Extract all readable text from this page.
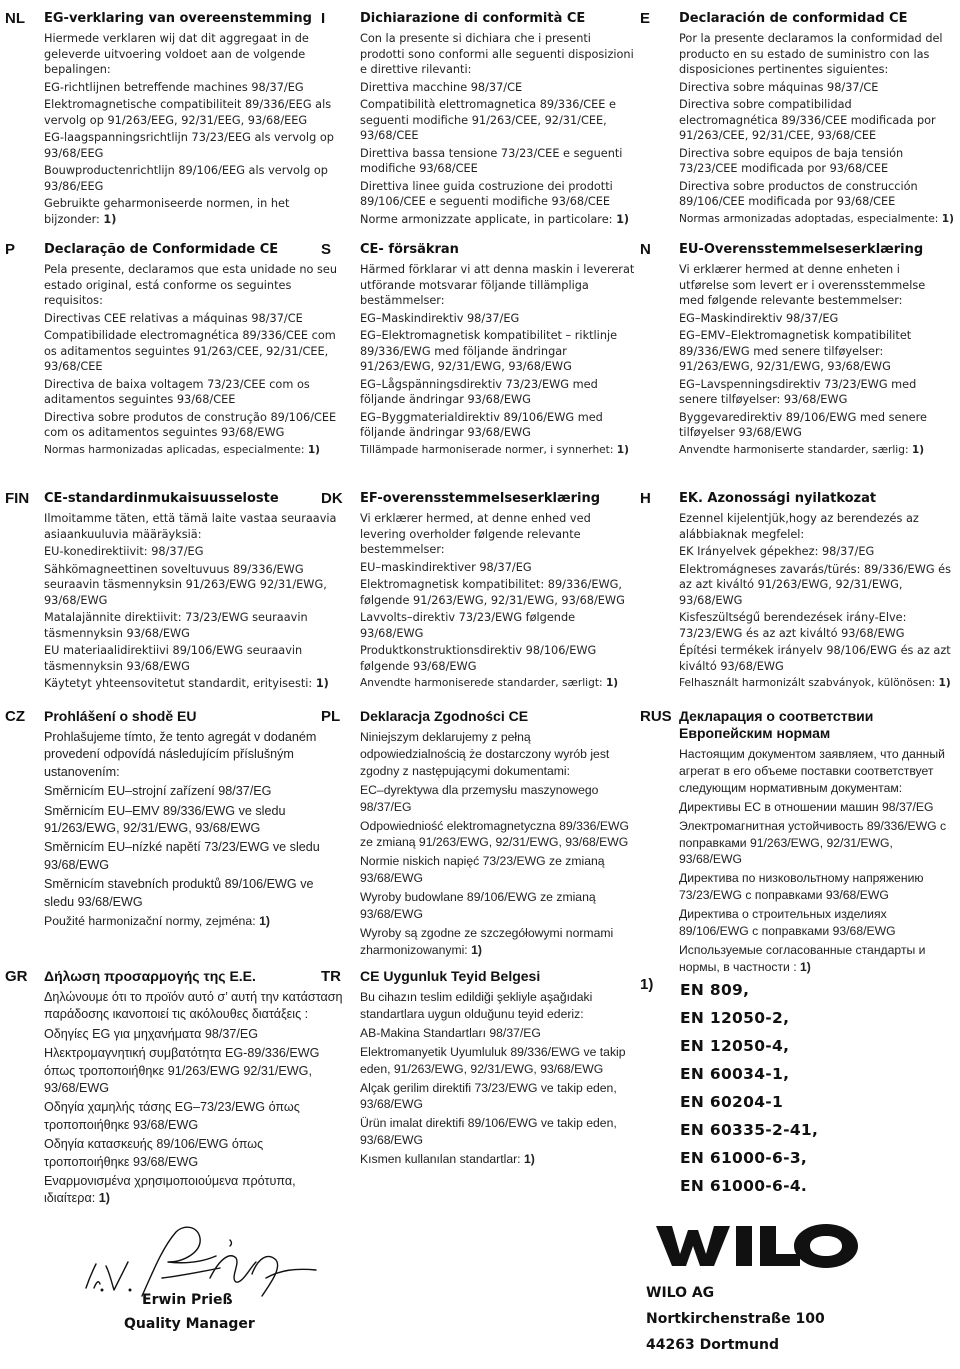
NL	EG-verklaring van overeenstemming
Hiermede verklaren wij dat dit aggregaat in de geleverde uitvoering voldoet aan de volgende bepalingen:
EG-richtlijnen betreffende machines 98/37/EG
Elektromagnetische compatibiliteit 89/336/EEG als vervolg op 91/263/EEG, 92/31/EEG, 93/68/EEG
EG-laagspanningsrichtlijn 73/23/EEG als vervolg op 93/68/EEG
Bouwproductenrichtlijn 89/106/EEG als vervolg op 93/86/EEG
Gebruikte geharmoniseerde normen, in het bijzonder: 1)
P	Declaração de Conformidade CE
Pela presente, declaramos que esta unidade no seu estado original, está conforme os seguintes requisitos:
Directivas CEE relativas a máquinas 98/37/CE
Compatibilidade electromagnética 89/336/CEE com os aditamentos seguintes 91/263/CEE, 92/31/CEE, 93/68/CEE
Directiva de baixa voltagem 73/23/CEE com os aditamentos seguintes 93/68/CEE
Directiva sobre produtos de construção 89/106/CEE com os aditamentos seguintes 93/68/EWG
Normas harmonizadas aplicadas, especialmente: 1)
FIN	CE-standardinmukaisuusseloste
Ilmoitamme täten, että tämä laite vastaa seuraavia asiaankuuluvia määräyksiä:
EU-konedirektiivit: 98/37/EG
Sähkömagneettinen soveltuvuus 89/336/EWG seuraavin täsmennyksin 91/263/EWG 92/31/EWG, 93/68/EWG
Matalajännite direktiivit: 73/23/EWG seuraavin täsmennyksin 93/68/EWG
EU materiaalidirektiivi 89/106/EWG seuraavin täsmennyksin 93/68/EWG
Käytetyt yhteensovitetut standardit, erityisesti: 1)
CZ	Prohlášení o shodě EU
Prohlašujeme tímto, že tento agregát v dodaném provedení odpovídá následujícím příslušným ustanovením:
Směrnicím EU–strojní zařízení 98/37/EG
Směrnicím EU–EMV 89/336/EWG ve sledu 91/263/EWG, 92/31/EWG, 93/68/EWG
Směrnicím EU–nízké napětí 73/23/EWG ve sledu 93/68/EWG
Směrnicím stavebních produktů 89/106/EWG ve sledu 93/68/EWG
Použité harmonizační normy, zejména: 1)
GR	Δήλωση προσαρμογής της Ε.Ε.
Δηλώνουμε ότι το προϊόν αυτό σ’ αυτή την κατάσταση παράδοσης ικανοποιεί τις ακόλουθες διατάξεις :
Οδηγίες EG για μηχανήματα 98/37/EG
Ηλεκτρομαγνητική συμβατότητα EG-89/336/EWG όπως τροποποιήθηκε 91/263/EWG 92/31/EWG, 93/68/EWG
Οδηγία χαμηλής τάσης EG–73/23/EWG όπως τροποποιήθηκε 93/68/EWG
Οδηγία κατασκευής 89/106/EWG όπως τροποποιήθηκε 93/68/EWG
Εναρμονισμένα χρησιμοποιούμενα πρότυπα, ιδιαίτερα: 1)
I	Dichiarazione di conformità CE
Con la presente si dichiara che i presenti prodotti sono conformi alle seguenti disposizioni e direttive rilevanti:
Direttiva macchine 98/37/CE
Compatibilità elettromagnetica 89/336/CEE e seguenti modifiche 91/263/CEE, 92/31/CEE, 93/68/CEE
Direttiva bassa tensione 73/23/CEE e seguenti modifiche 93/68/CEE
Direttiva linee guida costruzione dei prodotti 89/106/CEE e seguenti modifiche 93/68/CEE
Norme armonizzate applicate, in particolare: 1)
S	CE- försäkran
Härmed förklarar vi att denna maskin i levererat utförande motsvarar följande tillämpliga bestämmelser:
EG–Maskindirektiv 98/37/EG
EG–Elektromagnetisk kompatibilitet – riktlinje 89/336/EWG med följande ändringar 91/263/EWG, 92/31/EWG, 93/68/EWG
EG–Lågspänningsdirektiv 73/23/EWG med följande ändringar 93/68/EWG
EG–Byggmaterialdirektiv 89/106/EWG med följande ändringar 93/68/EWG
Tillämpade harmoniserade normer, i synnerhet: 1)
DK	EF-overensstemmelseserklæring
Vi erklærer hermed, at denne enhed ved levering overholder følgende relevante bestemmelser:
EU–maskindirektiver 98/37/EG
Elektromagnetisk kompatibilitet: 89/336/EWG, følgende 91/263/EWG, 92/31/EWG, 93/68/EWG
Lavvolts–direktiv 73/23/EWG følgende 93/68/EWG
Produktkonstruktionsdirektiv 98/106/EWG følgende 93/68/EWG
Anvendte harmoniserede standarder, særligt: 1)
PL	Deklaracja Zgodności CE
Niniejszym deklarujemy z pełną odpowiedzialnością że dostarczony wyrób jest zgodny z następującymi dokumentami:
EC–dyrektywa dla przemysłu maszynowego 98/37/EG
Odpowiedniość elektromagnetyczna 89/336/EWG ze zmianą 91/263/EWG, 92/31/EWG, 93/68/EWG
Normie niskich napięć 73/23/EWG ze zmianą 93/68/EWG
Wyroby budowlane 89/106/EWG ze zmianą 93/68/EWG
Wyroby są zgodne ze szczegółowymi normami zharmonizowanymi: 1)
TR	CE Uygunluk Teyid Belgesi
Bu cihazın teslim edildiği şekliyle aşağıdaki standartlara uygun olduğunu teyid ederiz:
AB-Makina Standartları 98/37/EG
Elektromanyetik Uyumluluk 89/336/EWG ve takip eden, 91/263/EWG, 92/31/EWG, 93/68/EWG
Alçak gerilim direktifi 73/23/EWG ve takip eden, 93/68/EWG
Ürün imalat direktifi 89/106/EWG ve takip eden, 93/68/EWG
Kısmen kullanılan standartlar: 1)
E	Declaración de conformidad CE
Por la presente declaramos la conformidad del producto en su estado de suministro con las disposiciones pertinentes siguientes:
Directiva sobre máquinas 98/37/CE
Directiva sobre compatibilidad electromagnética 89/336/CEE modificada por 91/263/CEE, 92/31/CEE, 93/68/CEE
Directiva sobre equipos de baja tensión 73/23/CEE modificada por 93/68/CEE
Directiva sobre productos de construcción 89/106/CEE modificada por 93/68/CEE
Normas armonizadas adoptadas, especialmente: 1)
N	EU-Overensstemmelseserklæring
Vi erklærer hermed at denne enheten i utførelse som levert er i overensstemmelse med følgende relevante bestemmelser:
EG–Maskindirektiv 98/37/EG
EG–EMV–Elektromagnetisk kompatibilitet 89/336/EWG med senere tilføyelser: 91/263/EWG, 92/31/EWG, 93/68/EWG
EG–Lavspenningsdirektiv 73/23/EWG med senere tilføyelser: 93/68/EWG
Byggevaredirektiv 89/106/EWG med senere tilføyelser 93/68/EWG
Anvendte harmoniserte standarder, særlig: 1)
H	EK. Azonossági nyilatkozat
Ezennel kijelentjük,hogy az berendezés az alábbiaknak megfelel:
EK Irányelvek gépekhez: 98/37/EG
Elektromágneses zavarás/türés: 89/336/EWG és az azt kiváltó 91/263/EWG, 92/31/EWG, 93/68/EWG
Kisfeszültségű berendezések irány-Elve: 73/23/EWG és az azt kiváltó 93/68/EWG
Építési termékek irányelv 98/106/EWG és az azt kiváltó 93/68/EWG
Felhasznált harmonizált szabványok, különösen: 1)
RUS Декларация о соответствии Европейским нормам
Настоящим документом заявляем, что данный агрегат в его объеме поставки соответствует следующим нормативным документам:
Директивы ЕС в отношении машин 98/37/EG
Электромагнитная устойчивость 89/336/EWG с поправками 91/263/EWG, 92/31/EWG, 93/68/EWG
Директива по низковольтному напряжению 73/23/EWG с поправками 93/68/EWG
Директива о строительных изделиях 89/106/EWG с поправками 93/68/EWG
Используемые согласованные стандарты и нормы, в частности : 1)
1) EN 809,
EN 12050-2,
EN 12050-4,
EN 60034-1,
EN 60204-1
EN 60335-2-41,
EN 61000-6-3,
EN 61000-6-4.
Erwin Prieß
Quality Manager
WILO AG
Nortkirchenstraße 100
44263 Dortmund
